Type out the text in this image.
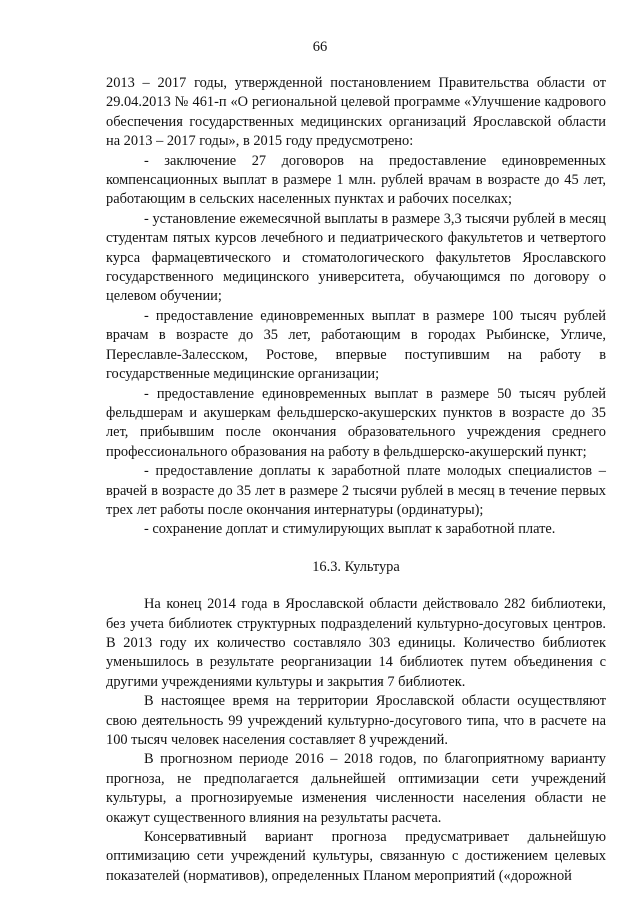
66

2013 – 2017 годы, утвержденной постановлением Правительства области от 29.04.2013 № 461-п «О региональной целевой программе «Улучшение кадрового обеспечения государственных медицинских организаций Ярославской области на 2013 – 2017 годы», в 2015 году предусмотрено:

- заключение 27 договоров на предоставление единовременных компенсационных выплат в размере 1 млн. рублей врачам в возрасте до 45 лет, работающим в сельских населенных пунктах и рабочих поселках;

- установление ежемесячной выплаты в размере 3,3 тысячи рублей в месяц студентам пятых курсов лечебного и педиатрического факультетов и четвертого курса фармацевтического и стоматологического факультетов Ярославского государственного медицинского университета, обучающимся по договору о целевом обучении;

- предоставление единовременных выплат в размере 100 тысяч рублей врачам в возрасте до 35 лет, работающим в городах Рыбинске, Угличе, Переславле-Залесском, Ростове, впервые поступившим на работу в государственные медицинские организации;

- предоставление единовременных выплат в размере 50 тысяч рублей фельдшерам и акушеркам фельдшерско-акушерских пунктов в возрасте до 35 лет, прибывшим после окончания образовательного учреждения среднего профессионального образования на работу в фельдшерско-акушерский пункт;

- предоставление доплаты к заработной плате молодых специалистов – врачей в возрасте до 35 лет в размере 2 тысячи рублей в месяц в течение первых трех лет работы после окончания интернатуры (ординатуры);

- сохранение доплат и стимулирующих выплат к заработной плате.

16.3. Культура

На конец 2014 года в Ярославской области действовало 282 библиотеки, без учета библиотек структурных подразделений культурно-досуговых центров. В 2013 году их количество составляло 303 единицы. Количество библиотек уменьшилось в результате реорганизации 14 библиотек путем объединения с другими учреждениями культуры и закрытия 7 библиотек.

В настоящее время на территории Ярославской области осуществляют свою деятельность 99 учреждений культурно-досугового типа, что в расчете на 100 тысяч человек населения составляет 8 учреждений.

В прогнозном периоде 2016 – 2018 годов, по благоприятному варианту прогноза, не предполагается дальнейшей оптимизации сети учреждений культуры, а прогнозируемые изменения численности населения области не окажут существенного влияния на результаты расчета.

Консервативный вариант прогноза предусматривает дальнейшую оптимизацию сети учреждений культуры, связанную с достижением целевых показателей (нормативов), определенных Планом мероприятий («дорожной
